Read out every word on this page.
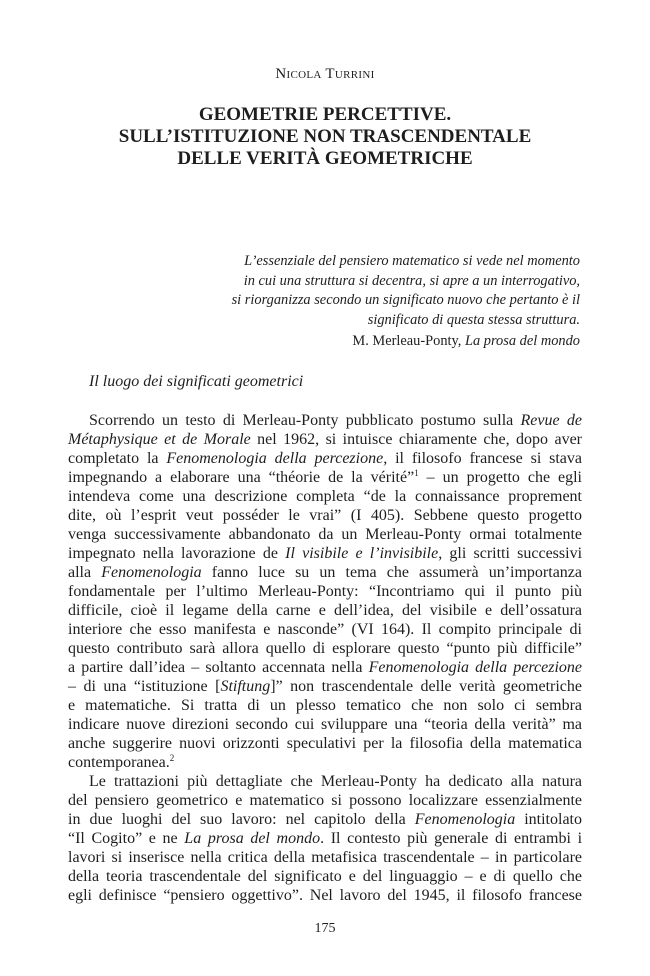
Nicola Turrini
GEOMETRIE PERCETTIVE.
SULL’ISTITUZIONE NON TRASCENDENTALE
DELLE VERITÀ GEOMETRICHE
L’essenziale del pensiero matematico si vede nel momento
in cui una struttura si decentra, si apre a un interrogativo,
si riorganizza secondo un significato nuovo che pertanto è il
significato di questa stessa struttura.
M. Merleau-Ponty, La prosa del mondo
Il luogo dei significati geometrici
Scorrendo un testo di Merleau-Ponty pubblicato postumo sulla Revue de
Métaphysique et de Morale nel 1962, si intuisce chiaramente che, dopo aver
completato la Fenomenologia della percezione, il filosofo francese si stava
impegnando a elaborare una “théorie de la vérité”$^1$ – un progetto che egli
intendeva come una descrizione completa “de la connaissance proprement
dite, où l’esprit veut posséder le vrai” (I 405). Sebbene questo progetto
venga successivamente abbandonato da un Merleau-Ponty ormai totalmente
impegnato nella lavorazione de Il visibile e l’invisibile, gli scritti successivi
alla Fenomenologia fanno luce su un tema che assumerà un’importanza
fondamentale per l’ultimo Merleau-Ponty: “Incontriamo qui il punto più
difficile, cioè il legame della carne e dell’idea, del visibile e dell’ossatura
interiore che esso manifesta e nasconde” (VI 164). Il compito principale di
questo contributo sarà allora quello di esplorare questo “punto più difficile”
a partire dall’idea – soltanto accennata nella Fenomenologia della percezione
– di una “istituzione [Stiftung]” non trascendentale delle verità geometriche
e matematiche. Si tratta di un plesso tematico che non solo ci sembra
indicare nuove direzioni secondo cui sviluppare una “teoria della verità” ma
anche suggerire nuovi orizzonti speculativi per la filosofia della matematica
contemporanea.$^2$
Le trattazioni più dettagliate che Merleau-Ponty ha dedicato alla natura
del pensiero geometrico e matematico si possono localizzare essenzialmente
in due luoghi del suo lavoro: nel capitolo della Fenomenologia intitolato
“Il Cogito” e ne La prosa del mondo. Il contesto più generale di entrambi i
lavori si inserisce nella critica della metafisica trascendentale – in particolare
della teoria trascendentale del significato e del linguaggio – e di quello che
egli definisce “pensiero oggettivo”. Nel lavoro del 1945, il filosofo francese
175
